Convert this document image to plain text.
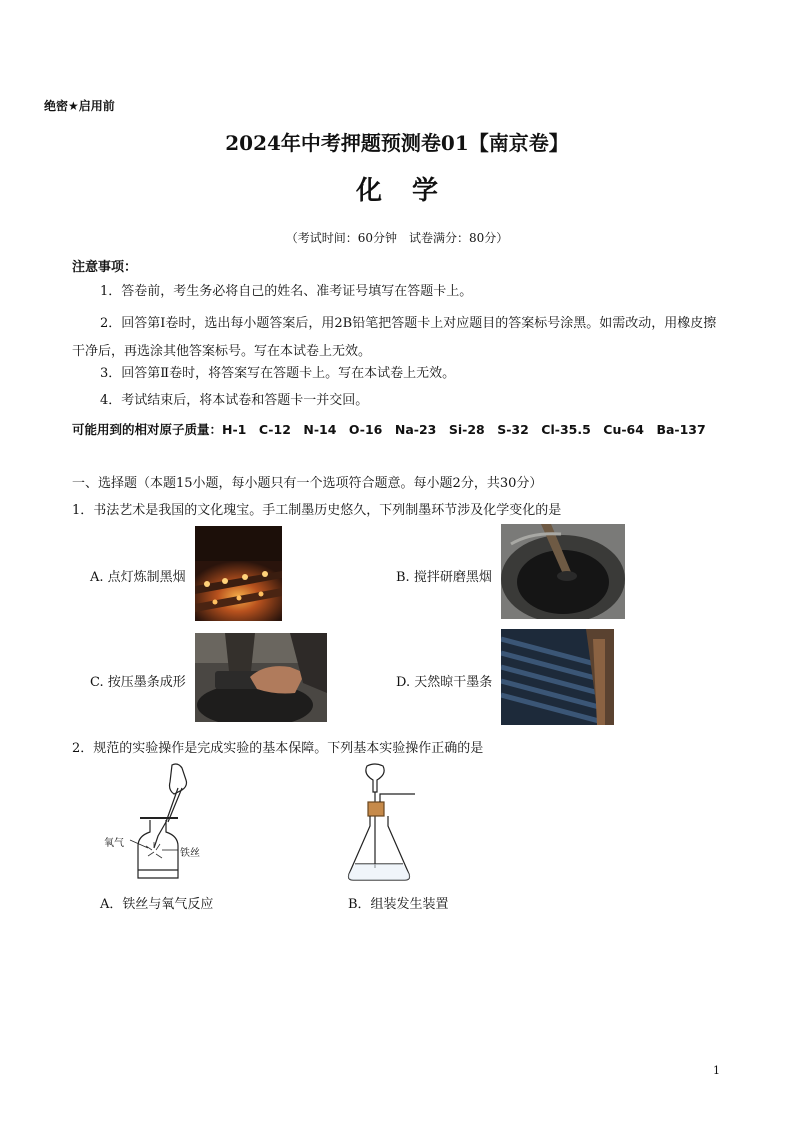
绝密★启用前
2024年中考押题预测卷01【南京卷】
化学
（考试时间：60分钟　试卷满分：80分）
注意事项：
1．答卷前，考生务必将自己的姓名、准考证号填写在答题卡上。
2．回答第Ⅰ卷时，选出每小题答案后，用2B铅笔把答题卡上对应题目的答案标号涂黑。如需改动，用橡皮擦干净后，再选涂其他答案标号。写在本试卷上无效。
3．回答第Ⅱ卷时，将答案写在答题卡上。写在本试卷上无效。
4．考试结束后，将本试卷和答题卡一并交回。
可能用到的相对原子质量：H-1　C-12　N-14　O-16　Na-23　Si-28　S-32　Cl-35.5　Cu-64　Ba-137
一、选择题（本题15小题，每小题只有一个选项符合题意。每小题2分，共30分）
1．书法艺术是我国的文化瑰宝。手工制墨历史悠久，下列制墨环节涉及化学变化的是
A. 点灯炼制黑烟	B. 搅拌研磨黑烟
C. 按压墨条成形	D. 天然晾干墨条
2．规范的实验操作是完成实验的基本保障。下列基本实验操作正确的是
氧气
铁丝
A．铁丝与氧气反应	B．组装发生装置
1
